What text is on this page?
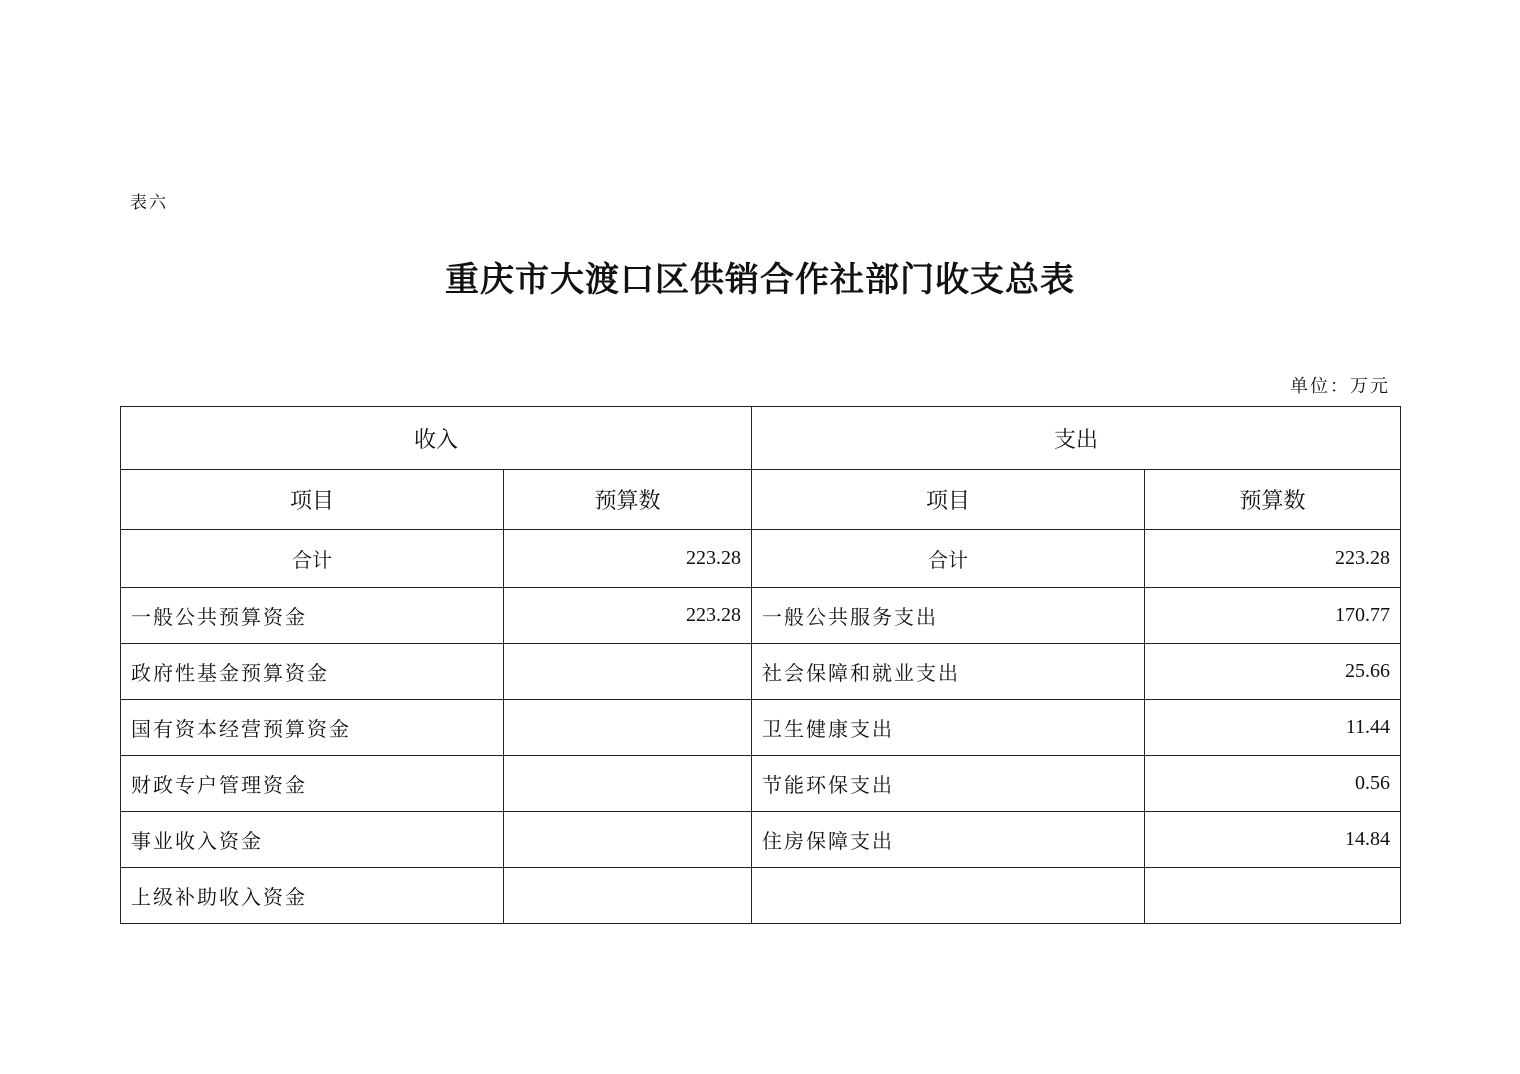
表六
重庆市大渡口区供销合作社部门收支总表
单位：万元
收入		支出	
项目	预算数	项目	预算数
合计	223.28	合计	223.28
一般公共预算资金	223.28	一般公共服务支出	170.77
政府性基金预算资金		社会保障和就业支出	25.66
国有资本经营预算资金		卫生健康支出	11.44
财政专户管理资金		节能环保支出	0.56
事业收入资金		住房保障支出	14.84
上级补助收入资金			
